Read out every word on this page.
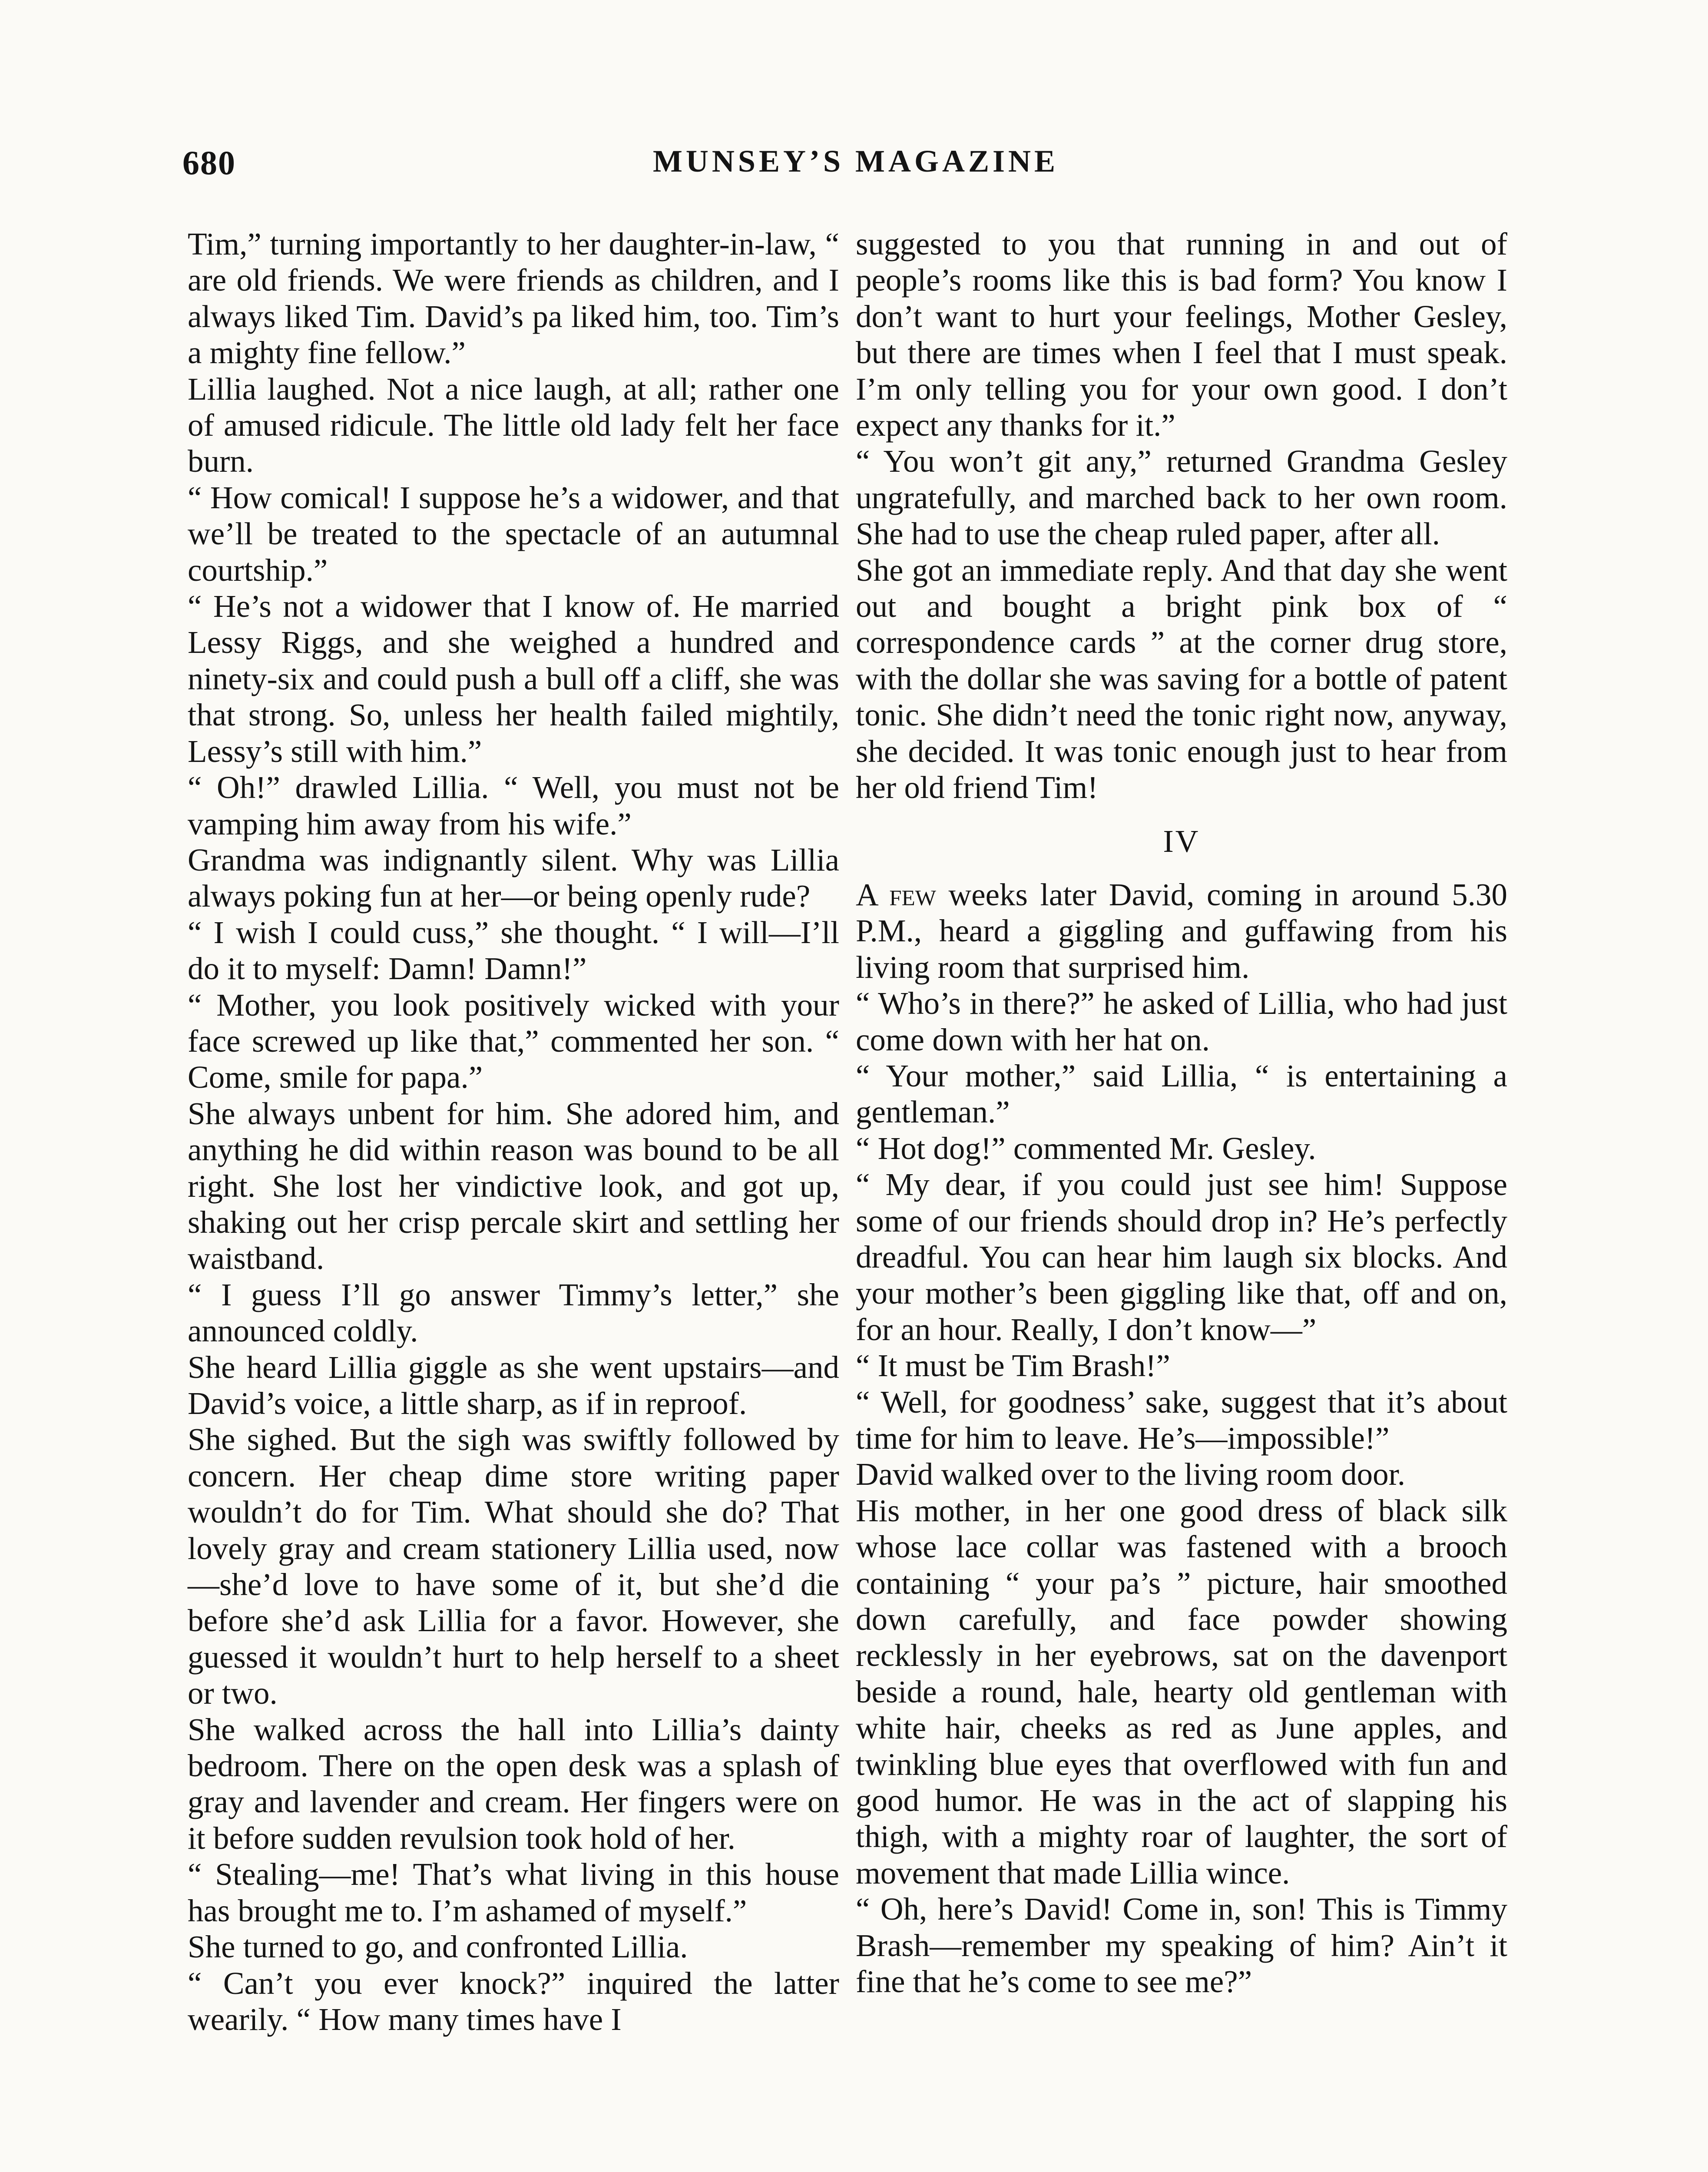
680	MUNSEY’S MAGAZINE

Tim,” turning importantly to her daughter-in-law, “ are old friends. We were friends as children, and I always liked Tim. David’s pa liked him, too. Tim’s a mighty fine fellow.”

Lillia laughed. Not a nice laugh, at all; rather one of amused ridicule. The little old lady felt her face burn.

“ How comical! I suppose he’s a widower, and that we’ll be treated to the spectacle of an autumnal courtship.”

“ He’s not a widower that I know of. He married Lessy Riggs, and she weighed a hundred and ninety-six and could push a bull off a cliff, she was that strong. So, unless her health failed mightily, Lessy’s still with him.”

“ Oh!” drawled Lillia. “ Well, you must not be vamping him away from his wife.”

Grandma was indignantly silent. Why was Lillia always poking fun at her—or being openly rude?

“ I wish I could cuss,” she thought. “ I will—I’ll do it to myself: Damn! Damn!”

“ Mother, you look positively wicked with your face screwed up like that,” commented her son. “ Come, smile for papa.”

She always unbent for him. She adored him, and anything he did within reason was bound to be all right. She lost her vindictive look, and got up, shaking out her crisp percale skirt and settling her waistband.

“ I guess I’ll go answer Timmy’s letter,” she announced coldly.

She heard Lillia giggle as she went upstairs—and David’s voice, a little sharp, as if in reproof.

She sighed. But the sigh was swiftly followed by concern. Her cheap dime store writing paper wouldn’t do for Tim. What should she do? That lovely gray and cream stationery Lillia used, now—she’d love to have some of it, but she’d die before she’d ask Lillia for a favor. However, she guessed it wouldn’t hurt to help herself to a sheet or two.

She walked across the hall into Lillia’s dainty bedroom. There on the open desk was a splash of gray and lavender and cream. Her fingers were on it before sudden revulsion took hold of her.

“ Stealing—me! That’s what living in this house has brought me to. I’m ashamed of myself.”

She turned to go, and confronted Lillia.

“ Can’t you ever knock?” inquired the latter wearily. “ How many times have I

suggested to you that running in and out of people’s rooms like this is bad form? You know I don’t want to hurt your feelings, Mother Gesley, but there are times when I feel that I must speak. I’m only telling you for your own good. I don’t expect any thanks for it.”

“ You won’t git any,” returned Grandma Gesley ungratefully, and marched back to her own room. She had to use the cheap ruled paper, after all.

She got an immediate reply. And that day she went out and bought a bright pink box of “ correspondence cards ” at the corner drug store, with the dollar she was saving for a bottle of patent tonic. She didn’t need the tonic right now, anyway, she decided. It was tonic enough just to hear from her old friend Tim!

IV

A few weeks later David, coming in around 5.30 P.M., heard a giggling and guffawing from his living room that surprised him.

“ Who’s in there?” he asked of Lillia, who had just come down with her hat on.

“ Your mother,” said Lillia, “ is entertaining a gentleman.”

“ Hot dog!” commented Mr. Gesley.

“ My dear, if you could just see him! Suppose some of our friends should drop in? He’s perfectly dreadful. You can hear him laugh six blocks. And your mother’s been giggling like that, off and on, for an hour. Really, I don’t know—”

“ It must be Tim Brash!”

“ Well, for goodness’ sake, suggest that it’s about time for him to leave. He’s—impossible!”

David walked over to the living room door.

His mother, in her one good dress of black silk whose lace collar was fastened with a brooch containing “ your pa’s ” picture, hair smoothed down carefully, and face powder showing recklessly in her eyebrows, sat on the davenport beside a round, hale, hearty old gentleman with white hair, cheeks as red as June apples, and twinkling blue eyes that overflowed with fun and good humor. He was in the act of slapping his thigh, with a mighty roar of laughter, the sort of movement that made Lillia wince.

“ Oh, here’s David! Come in, son! This is Timmy Brash—remember my speaking of him? Ain’t it fine that he’s come to see me?”
